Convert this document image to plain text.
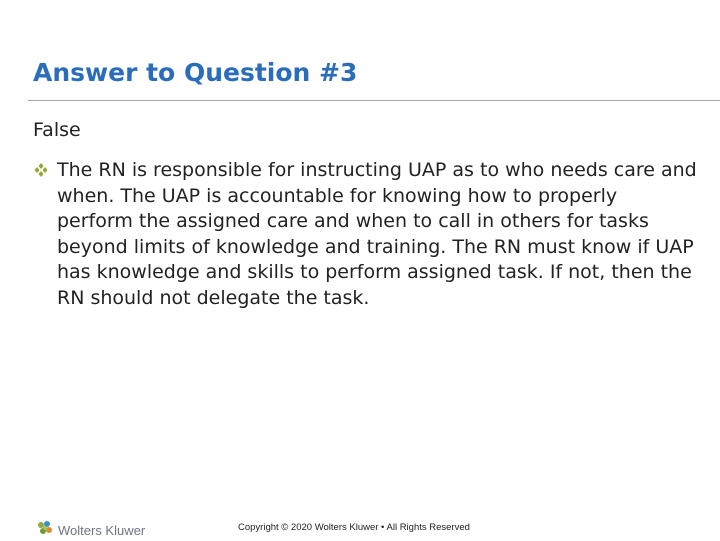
Answer to Question #3
False
The RN is responsible for instructing UAP as to who needs care and when. The UAP is accountable for knowing how to properly perform the assigned care and when to call in others for tasks beyond limits of knowledge and training. The RN must know if UAP has knowledge and skills to perform assigned task. If not, then the RN should not delegate the task.
Wolters Kluwer	Copyright © 2020 Wolters Kluwer • All Rights Reserved
